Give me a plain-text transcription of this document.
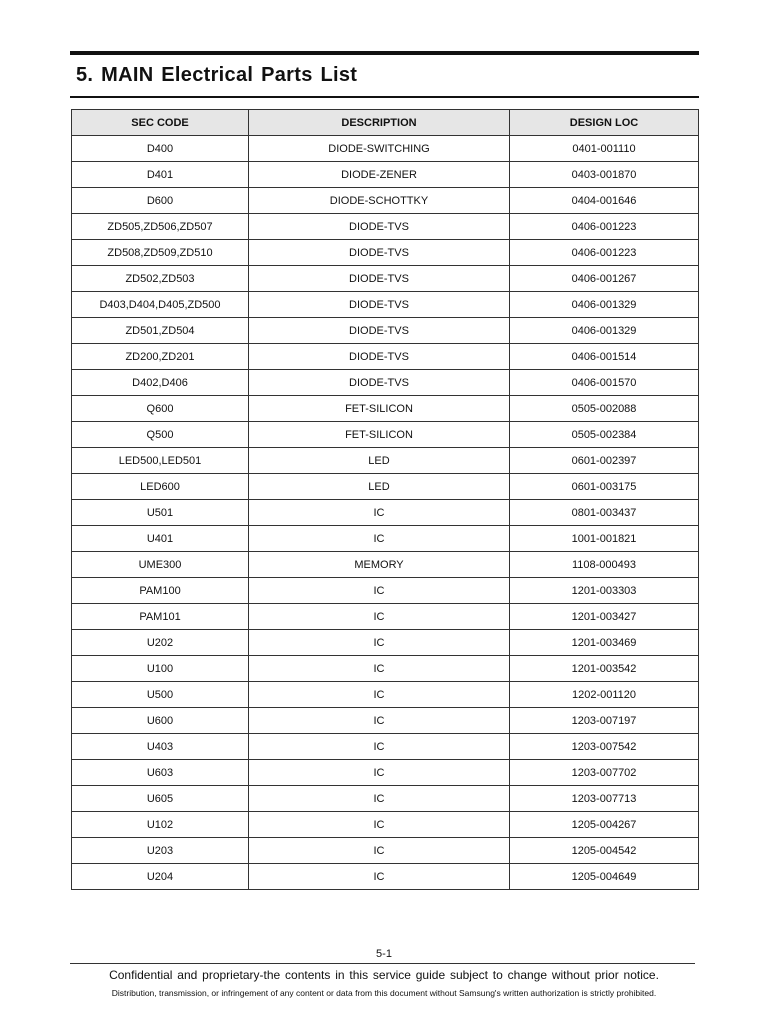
5. MAIN Electrical Parts List
SEC CODE	DESCRIPTION	DESIGN LOC
D400	DIODE-SWITCHING	0401-001110
D401	DIODE-ZENER	0403-001870
D600	DIODE-SCHOTTKY	0404-001646
ZD505,ZD506,ZD507	DIODE-TVS	0406-001223
ZD508,ZD509,ZD510	DIODE-TVS	0406-001223
ZD502,ZD503	DIODE-TVS	0406-001267
D403,D404,D405,ZD500	DIODE-TVS	0406-001329
ZD501,ZD504	DIODE-TVS	0406-001329
ZD200,ZD201	DIODE-TVS	0406-001514
D402,D406	DIODE-TVS	0406-001570
Q600	FET-SILICON	0505-002088
Q500	FET-SILICON	0505-002384
LED500,LED501	LED	0601-002397
LED600	LED	0601-003175
U501	IC	0801-003437
U401	IC	1001-001821
UME300	MEMORY	1108-000493
PAM100	IC	1201-003303
PAM101	IC	1201-003427
U202	IC	1201-003469
U100	IC	1201-003542
U500	IC	1202-001120
U600	IC	1203-007197
U403	IC	1203-007542
U603	IC	1203-007702
U605	IC	1203-007713
U102	IC	1205-004267
U203	IC	1205-004542
U204	IC	1205-004649
5-1
Confidential and proprietary-the contents in this service guide subject to change without prior notice.
Distribution, transmission, or infringement of any content or data from this document without Samsung's written authorization is strictly prohibited.
